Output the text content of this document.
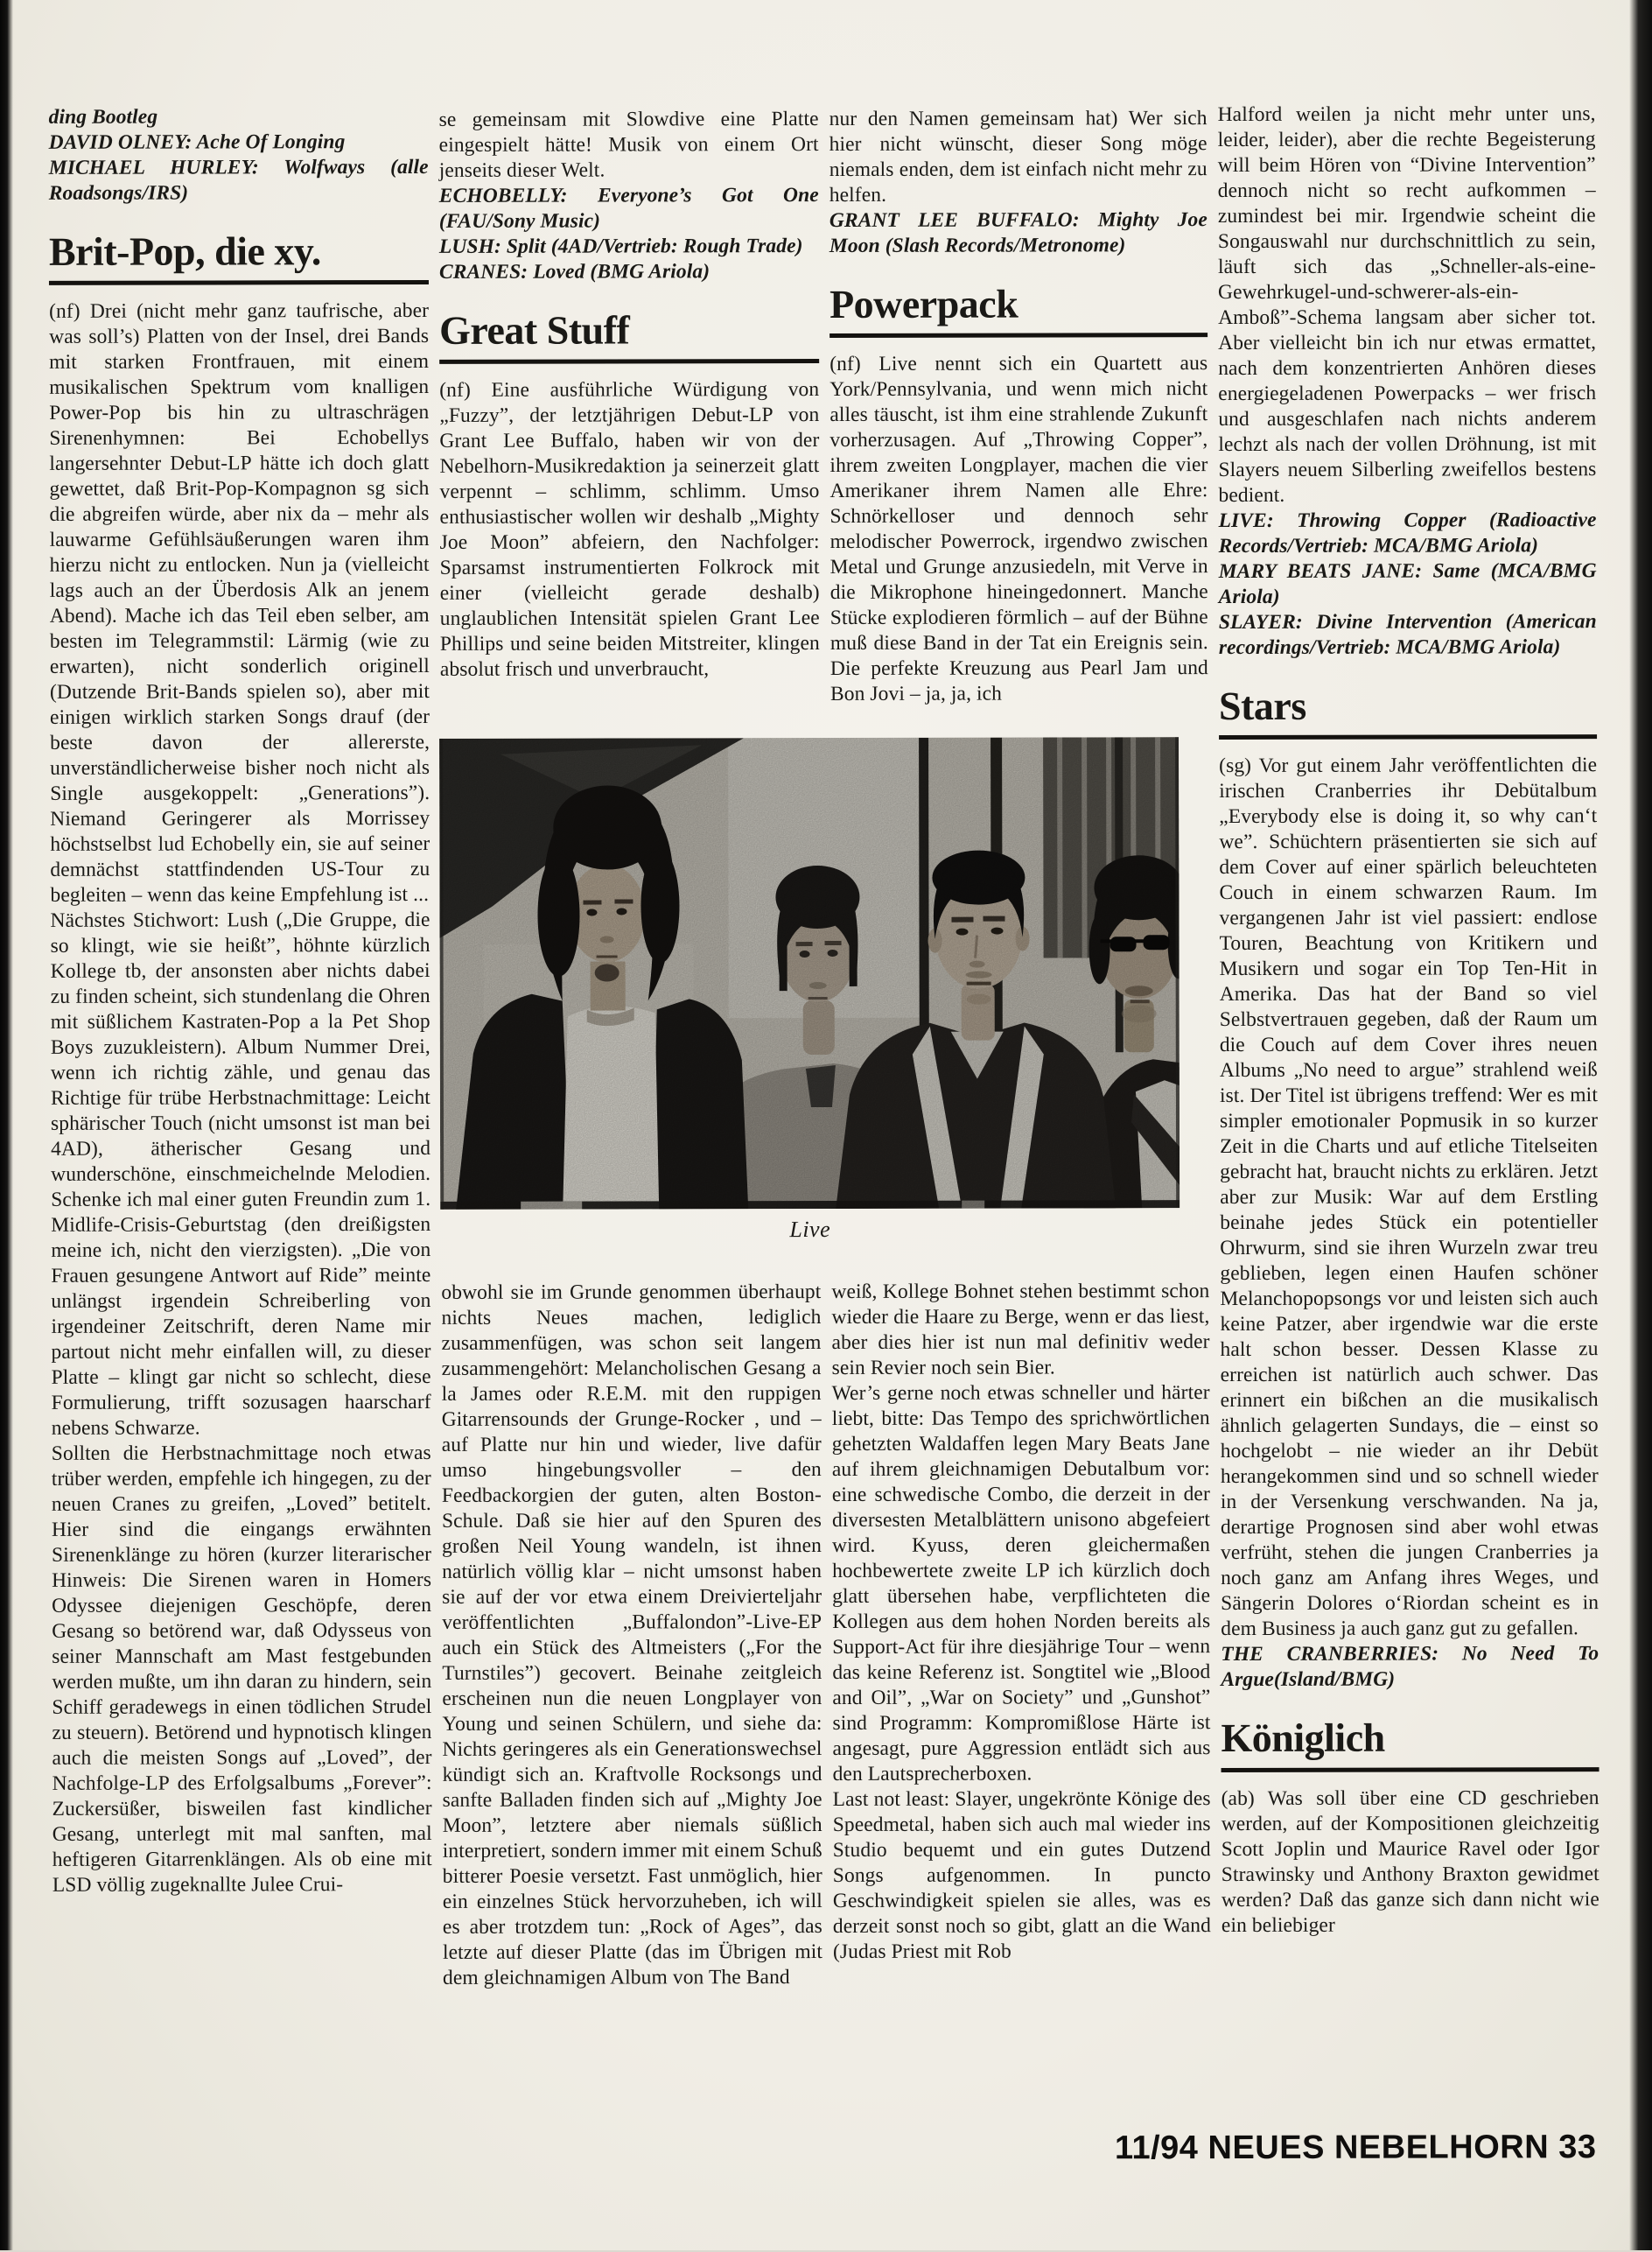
ding Bootleg

DAVID OLNEY: Ache Of Longing

MICHAEL HURLEY: Wolfways (alle Roadsongs/IRS)

Brit-Pop, die xy.

(nf) Drei (nicht mehr ganz taufrische, aber was soll’s) Platten von der Insel, drei Bands mit starken Frontfrauen, mit einem musikalischen Spektrum vom knalligen Power-Pop bis hin zu ultraschrägen Sirenenhymnen: Bei Echobellys langersehnter Debut-LP hätte ich doch glatt gewettet, daß Brit-Pop-Kompagnon sg sich die abgreifen würde, aber nix da – mehr als lauwarme Gefühlsäußerungen waren ihm hierzu nicht zu entlocken. Nun ja (vielleicht lags auch an der Überdosis Alk an jenem Abend). Mache ich das Teil eben selber, am besten im Telegrammstil: Lärmig (wie zu erwarten), nicht sonderlich originell (Dutzende Brit-Bands spielen so), aber mit einigen wirklich starken Songs drauf (der beste davon der allererste, unverständlicherweise bisher noch nicht als Single ausgekoppelt: „Generations”). Niemand Geringerer als Morrissey höchstselbst lud Echobelly ein, sie auf seiner demnächst stattfindenden US-Tour zu begleiten – wenn das keine Empfehlung ist ...

Nächstes Stichwort: Lush („Die Gruppe, die so klingt, wie sie heißt”, höhnte kürzlich Kollege tb, der ansonsten aber nichts dabei zu finden scheint, sich stundenlang die Ohren mit süßlichem Kastraten-Pop a la Pet Shop Boys zuzukleistern). Album Nummer Drei, wenn ich richtig zähle, und genau das Richtige für trübe Herbstnachmittage: Leicht sphärischer Touch (nicht umsonst ist man bei 4AD), ätherischer Gesang und wunderschöne, einschmeichelnde Melodien. Schenke ich mal einer guten Freundin zum 1. Midlife-Crisis-Geburtstag (den dreißigsten meine ich, nicht den vierzigsten). „Die von Frauen gesungene Antwort auf Ride” meinte unlängst irgendein Schreiberling von irgendeiner Zeitschrift, deren Name mir partout nicht mehr einfallen will, zu dieser Platte – klingt gar nicht so schlecht, diese Formulierung, trifft sozusagen haarscharf nebens Schwarze.

Sollten die Herbstnachmittage noch etwas trüber werden, empfehle ich hingegen, zu der neuen Cranes zu greifen, „Loved” betitelt. Hier sind die eingangs erwähnten Sirenenklänge zu hören (kurzer literarischer Hinweis: Die Sirenen waren in Homers Odyssee diejenigen Geschöpfe, deren Gesang so betörend war, daß Odysseus von seiner Mannschaft am Mast festgebunden werden mußte, um ihn daran zu hindern, sein Schiff geradewegs in einen tödlichen Strudel zu steuern). Betörend und hypnotisch klingen auch die meisten Songs auf „Loved”, der Nachfolge-LP des Erfolgsalbums „Forever”: Zuckersüßer, bisweilen fast kindlicher Gesang, unterlegt mit mal sanften, mal heftigeren Gitarrenklängen. Als ob eine mit LSD völlig zugeknallte Julee Crui-

se gemeinsam mit Slowdive eine Platte eingespielt hätte! Musik von einem Ort jenseits dieser Welt.

ECHOBELLY: Everyone’s Got One (FAU/Sony Music)

LUSH: Split (4AD/Vertrieb: Rough Trade)

CRANES: Loved (BMG Ariola)

Great Stuff

(nf) Eine ausführliche Würdigung von „Fuzzy”, der letztjährigen Debut-LP von Grant Lee Buffalo, haben wir von der Nebelhorn-Musikredaktion ja seinerzeit glatt verpennt – schlimm, schlimm. Umso enthusiastischer wollen wir deshalb „Mighty Joe Moon” abfeiern, den Nachfolger: Sparsamst instrumentierten Folkrock mit einer (vielleicht gerade deshalb) unglaublichen Intensität spielen Grant Lee Phillips und seine beiden Mitstreiter, klingen absolut frisch und unverbraucht,

obwohl sie im Grunde genommen überhaupt nichts Neues machen, lediglich zusammenfügen, was schon seit langem zusammengehört: Melancholischen Gesang a la James oder R.E.M. mit den ruppigen Gitarrensounds der Grunge-Rocker , und – auf Platte nur hin und wieder, live dafür umso hingebungsvoller – den Feedbackorgien der guten, alten Boston-Schule. Daß sie hier auf den Spuren des großen Neil Young wandeln, ist ihnen natürlich völlig klar – nicht umsonst haben sie auf der vor etwa einem Dreivierteljahr veröffentlichten „Buffalondon”-Live-EP auch ein Stück des Altmeisters („For the Turnstiles”) gecovert. Beinahe zeitgleich erscheinen nun die neuen Longplayer von Young und seinen Schülern, und siehe da: Nichts geringeres als ein Generationswechsel kündigt sich an. Kraftvolle Rocksongs und sanfte Balladen finden sich auf „Mighty Joe Moon”, letztere aber niemals süßlich interpretiert, sondern immer mit einem Schuß bitterer Poesie versetzt. Fast unmöglich, hier ein einzelnes Stück hervorzuheben, ich will es aber trotzdem tun: „Rock of Ages”, das letzte auf dieser Platte (das im Übrigen mit dem gleichnamigen Album von The Band

nur den Namen gemeinsam hat) Wer sich hier nicht wünscht, dieser Song möge niemals enden, dem ist einfach nicht mehr zu helfen.

GRANT LEE BUFFALO: Mighty Joe Moon (Slash Records/Metronome)

Powerpack

(nf) Live nennt sich ein Quartett aus York/Pennsylvania, und wenn mich nicht alles täuscht, ist ihm eine strahlende Zukunft vorherzusagen. Auf „Throwing Copper”, ihrem zweiten Longplayer, machen die vier Amerikaner ihrem Namen alle Ehre: Schnörkelloser und dennoch sehr melodischer Powerrock, irgendwo zwischen Metal und Grunge anzusiedeln, mit Verve in die Mikrophone hineingedonnert. Manche Stücke explodieren förmlich – auf der Bühne muß diese Band in der Tat ein Ereignis sein. Die perfekte Kreuzung aus Pearl Jam und Bon Jovi – ja, ja, ich

weiß, Kollege Bohnet stehen bestimmt schon wieder die Haare zu Berge, wenn er das liest, aber dies hier ist nun mal definitiv weder sein Revier noch sein Bier.

Wer’s gerne noch etwas schneller und härter liebt, bitte: Das Tempo des sprichwörtlichen gehetzten Waldaffen legen Mary Beats Jane auf ihrem gleichnamigen Debutalbum vor: eine schwedische Combo, die derzeit in der diversesten Metalblättern unisono abgefeiert wird. Kyuss, deren gleichermaßen hochbewertete zweite LP ich kürzlich doch glatt übersehen habe, verpflichteten die Kollegen aus dem hohen Norden bereits als Support-Act für ihre diesjährige Tour – wenn das keine Referenz ist. Songtitel wie „Blood and Oil”, „War on Society” und „Gunshot” sind Programm: Kompromißlose Härte ist angesagt, pure Aggression entlädt sich aus den Lautsprecherboxen.

Last not least: Slayer, ungekrönte Könige des Speedmetal, haben sich auch mal wieder ins Studio bequemt und ein gutes Dutzend Songs aufgenommen. In puncto Geschwindigkeit spielen sie alles, was es derzeit sonst noch so gibt, glatt an die Wand (Judas Priest mit Rob

Halford weilen ja nicht mehr unter uns, leider, leider), aber die rechte Begeisterung will beim Hören von “Divine Intervention” dennoch nicht so recht aufkommen – zumindest bei mir. Irgendwie scheint die Songauswahl nur durchschnittlich zu sein, läuft sich das „Schneller-als-eine-Gewehrkugel-und-schwerer-als-ein-Amboß”-Schema langsam aber sicher tot. Aber vielleicht bin ich nur etwas ermattet, nach dem konzentrierten Anhören dieses energiegeladenen Powerpacks – wer frisch und ausgeschlafen nach nichts anderem lechzt als nach der vollen Dröhnung, ist mit Slayers neuem Silberling zweifellos bestens bedient.

LIVE: Throwing Copper (Radioactive Records/Vertrieb: MCA/BMG Ariola)

MARY BEATS JANE: Same (MCA/BMG Ariola)

SLAYER: Divine Intervention (American recordings/Vertrieb: MCA/BMG Ariola)

Stars

(sg) Vor gut einem Jahr veröffentlichten die irischen Cranberries ihr Debütalbum „Everybody else is doing it, so why can‘t we”. Schüchtern präsentierten sie sich auf dem Cover auf einer spärlich beleuchteten Couch in einem schwarzen Raum. Im vergangenen Jahr ist viel passiert: endlose Touren, Beachtung von Kritikern und Musikern und sogar ein Top Ten-Hit in Amerika. Das hat der Band so viel Selbstvertrauen gegeben, daß der Raum um die Couch auf dem Cover ihres neuen Albums „No need to argue” strahlend weiß ist. Der Titel ist übrigens treffend: Wer es mit simpler emotionaler Popmusik in so kurzer Zeit in die Charts und auf etliche Titelseiten gebracht hat, braucht nichts zu erklären. Jetzt aber zur Musik: War auf dem Erstling beinahe jedes Stück ein potentieller Ohrwurm, sind sie ihren Wurzeln zwar treu geblieben, legen einen Haufen schöner Melanchopopsongs vor und leisten sich auch keine Patzer, aber irgendwie war die erste halt schon besser. Dessen Klasse zu erreichen ist natürlich auch schwer. Das erinnert ein bißchen an die musikalisch ähnlich gelagerten Sundays, die – einst so hochgelobt – nie wieder an ihr Debüt herangekommen sind und so schnell wieder in der Versenkung verschwanden. Na ja, derartige Prognosen sind aber wohl etwas verfrüht, stehen die jungen Cranberries ja noch ganz am Anfang ihres Weges, und Sängerin Dolores o‘Riordan scheint es in dem Business ja auch ganz gut zu gefallen.

THE CRANBERRIES: No Need To Argue(Island/BMG)

Königlich

(ab) Was soll über eine CD geschrieben werden, auf der Kompositionen gleichzeitig Scott Joplin und Maurice Ravel oder Igor Strawinsky und Anthony Braxton gewidmet werden? Daß das ganze sich dann nicht wie ein beliebiger

Live
11/94 NEUES NEBELHORN 33
